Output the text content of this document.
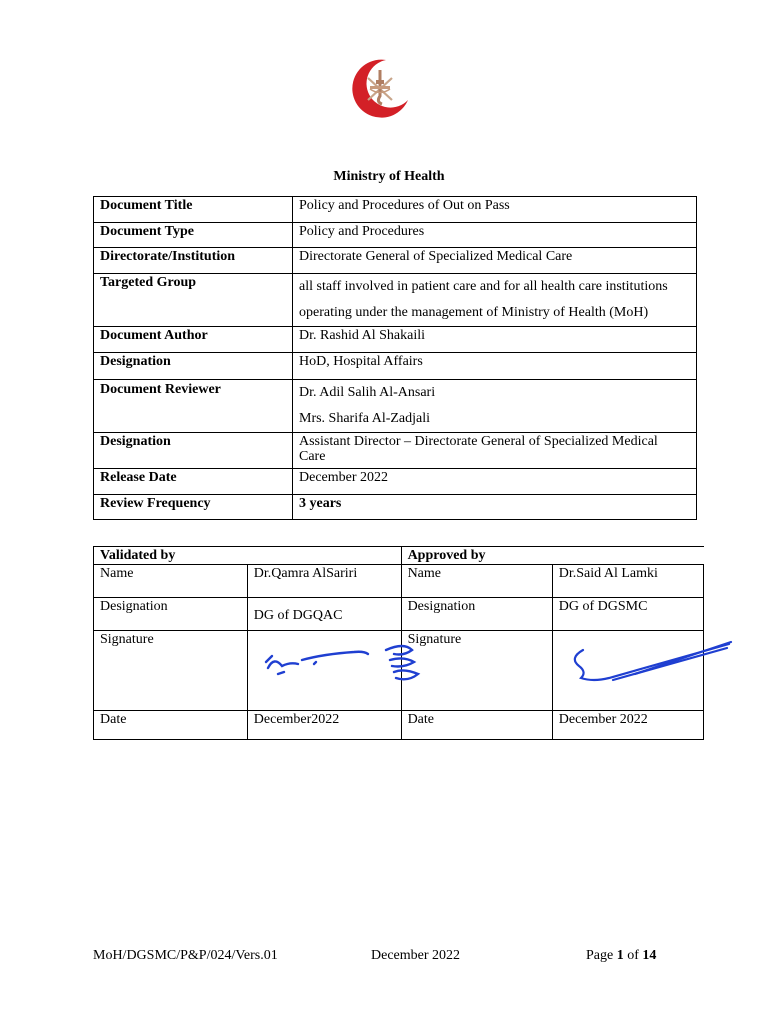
Ministry of Health
Document Title	Policy and Procedures of Out on Pass
Document Type	Policy and Procedures
Directorate/Institution	Directorate General of Specialized Medical Care
Targeted Group	all staff involved in patient care and for all health care institutions
operating under the management of Ministry of Health (MoH)

Document Author	Dr. Rashid Al Shakaili
Designation	HoD, Hospital Affairs
Document Reviewer	Dr. Adil Salih Al-Ansari
Mrs. Sharifa Al-Zadjali

Designation	Assistant Director – Directorate General of Specialized Medical
Care

Release Date	December 2022
Review Frequency	3 years
Validated by		Approved by	
Name	Dr.Qamra AlSariri	Name	Dr.Said Al Lamki
Designation	DG of DGQAC	Designation	DG of DGSMC
Signature		Signature	

Date	December2022	Date	December 2022
MoH/DGSMC/P&P/024/Vers.01	December 2022	Page 1 of 14
